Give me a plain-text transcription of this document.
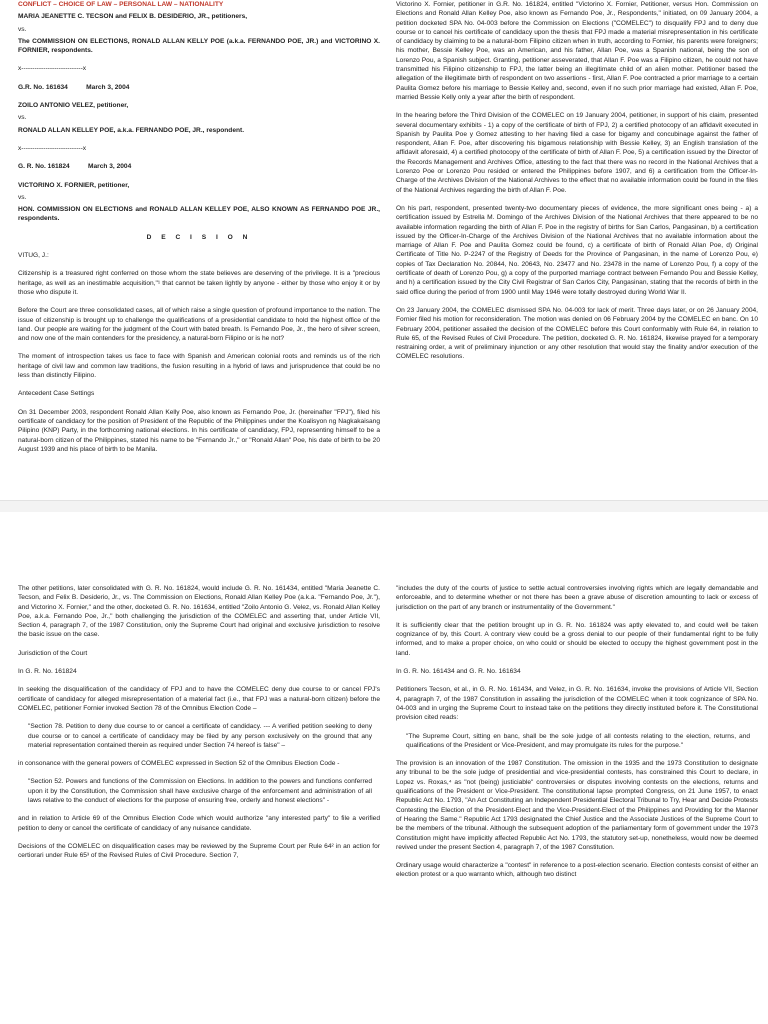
CONFLICT – CHOICE OF LAW – PERSONAL LAW – NATIONALITY

MARIA JEANETTE C. TECSON and FELIX B. DESIDERIO, JR., petitioners,

vs.

The COMMISSION ON ELECTIONS, RONALD ALLAN KELLY POE (a.k.a. FERNANDO POE, JR.) and VICTORINO X. FORNIER, respondents.

x----------------------------x

G.R. No. 161634          March 3, 2004

ZOILO ANTONIO VELEZ, petitioner,

vs.

RONALD ALLAN KELLEY POE, a.k.a. FERNANDO POE, JR., respondent.

x----------------------------x

G. R. No. 161824          March 3, 2004

VICTORINO X. FORNIER, petitioner,

vs.

HON. COMMISSION ON ELECTIONS and RONALD ALLAN KELLEY POE, ALSO KNOWN AS FERNANDO POE JR., respondents.

D E C I S I O N

VITUG, J.:

Citizenship is a treasured right conferred on those whom the state believes are deserving of the privilege. It is a "precious heritage, as well as an inestimable acquisition,"¹ that cannot be taken lightly by anyone - either by those who enjoy it or by those who dispute it.

Before the Court are three consolidated cases, all of which raise a single question of profound importance to the nation. The issue of citizenship is brought up to challenge the qualifications of a presidential candidate to hold the highest office of the land. Our people are waiting for the judgment of the Court with bated breath. Is Fernando Poe, Jr., the hero of silver screen, and now one of the main contenders for the presidency, a natural-born Filipino or is he not?

The moment of introspection takes us face to face with Spanish and American colonial roots and reminds us of the rich heritage of civil law and common law traditions, the fusion resulting in a hybrid of laws and jurisprudence that could be no less than distinctly Filipino.

Antecedent Case Settings

On 31 December 2003, respondent Ronald Allan Kelly Poe, also known as Fernando Poe, Jr. (hereinafter "FPJ"), filed his certificate of candidacy for the position of President of the Republic of the Philippines under the Koalisyon ng Nagkakaisang Pilipino (KNP) Party, in the forthcoming national elections. In his certificate of candidacy, FPJ, representing himself to be a natural-born citizen of the Philippines, stated his name to be "Fernando Jr.," or "Ronald Allan" Poe, his date of birth to be 20 August 1939 and his place of birth to be Manila.

Victorino X. Fornier, petitioner in G.R. No. 161824, entitled "Victorino X. Fornier, Petitioner, versus Hon. Commission on Elections and Ronald Allan Kelley Poe, also known as Fernando Poe, Jr., Respondents," initiated, on 09 January 2004, a petition docketed SPA No. 04-003 before the Commission on Elections ("COMELEC") to disqualify FPJ and to deny due course or to cancel his certificate of candidacy upon the thesis that FPJ made a material misrepresentation in his certificate of candidacy by claiming to be a natural-born Filipino citizen when in truth, according to Fornier, his parents were foreigners; his mother, Bessie Kelley Poe, was an American, and his father, Allan Poe, was a Spanish national, being the son of Lorenzo Pou, a Spanish subject. Granting, petitioner asseverated, that Allan F. Poe was a Filipino citizen, he could not have transmitted his Filipino citizenship to FPJ, the latter being an illegitimate child of an alien mother. Petitioner based the allegation of the illegitimate birth of respondent on two assertions - first, Allan F. Poe contracted a prior marriage to a certain Paulita Gomez before his marriage to Bessie Kelley and, second, even if no such prior marriage had existed, Allan F. Poe, married Bessie Kelly only a year after the birth of respondent.

In the hearing before the Third Division of the COMELEC on 19 January 2004, petitioner, in support of his claim, presented several documentary exhibits - 1) a copy of the certificate of birth of FPJ, 2) a certified photocopy of an affidavit executed in Spanish by Paulita Poe y Gomez attesting to her having filed a case for bigamy and concubinage against the father of respondent, Allan F. Poe, after discovering his bigamous relationship with Bessie Kelley, 3) an English translation of the affidavit aforesaid, 4) a certified photocopy of the certificate of birth of Allan F. Poe, 5) a certification issued by the Director of the Records Management and Archives Office, attesting to the fact that there was no record in the National Archives that a Lorenzo Poe or Lorenzo Pou resided or entered the Philippines before 1907, and 6) a certification from the Officer-In-Charge of the Archives Division of the National Archives to the effect that no available information could be found in the files of the National Archives regarding the birth of Allan F. Poe.

On his part, respondent, presented twenty-two documentary pieces of evidence, the more significant ones being - a) a certification issued by Estrella M. Domingo of the Archives Division of the National Archives that there appeared to be no available information regarding the birth of Allan F. Poe in the registry of births for San Carlos, Pangasinan, b) a certification issued by the Officer-In-Charge of the Archives Division of the National Archives that no available information about the marriage of Allan F. Poe and Paulita Gomez could be found, c) a certificate of birth of Ronald Allan Poe, d) Original Certificate of Title No. P-2247 of the Registry of Deeds for the Province of Pangasinan, in the name of Lorenzo Pou, e) copies of Tax Declaration No. 20844, No. 20643, No. 23477 and No. 23478 in the name of Lorenzo Pou, f) a copy of the certificate of death of Lorenzo Pou, g) a copy of the purported marriage contract between Fernando Pou and Bessie Kelley, and h) a certification issued by the City Civil Registrar of San Carlos City, Pangasinan, stating that the records of birth in the said office during the period of from 1900 until May 1946 were totally destroyed during World War II.

On 23 January 2004, the COMELEC dismissed SPA No. 04-003 for lack of merit. Three days later, or on 26 January 2004, Fornier filed his motion for reconsideration. The motion was denied on 06 February 2004 by the COMELEC en banc. On 10 February 2004, petitioner assailed the decision of the COMELEC before this Court conformably with Rule 64, in relation to Rule 65, of the Revised Rules of Civil Procedure. The petition, docketed G. R. No. 161824, likewise prayed for a temporary restraining order, a writ of preliminary injunction or any other resolution that would stay the finality and/or execution of the COMELEC resolutions.

The other petitions, later consolidated with G. R. No. 161824, would include G. R. No. 161434, entitled "Maria Jeanette C. Tecson, and Felix B. Desiderio, Jr., vs. The Commission on Elections, Ronald Allan Kelley Poe (a.k.a. "Fernando Poe, Jr."), and Victorino X. Fornier," and the other, docketed G. R. No. 161634, entitled "Zoilo Antonio G. Velez, vs. Ronald Allan Kelley Poe, a.k.a. Fernando Poe, Jr.," both challenging the jurisdiction of the COMELEC and asserting that, under Article VII, Section 4, paragraph 7, of the 1987 Constitution, only the Supreme Court had original and exclusive jurisdiction to resolve the basic issue on the case.

Jurisdiction of the Court

In G. R. No. 161824

In seeking the disqualification of the candidacy of FPJ and to have the COMELEC deny due course to or cancel FPJ's certificate of candidacy for alleged misrepresentation of a material fact (i.e., that FPJ was a natural-born citizen) before the COMELEC, petitioner Fornier invoked Section 78 of the Omnibus Election Code –

"Section 78. Petition to deny due course to or cancel a certificate of candidacy. --- A verified petition seeking to deny due course or to cancel a certificate of candidacy may be filed by any person exclusively on the ground that any material representation contained therein as required under Section 74 hereof is false" –

in consonance with the general powers of COMELEC expressed in Section 52 of the Omnibus Election Code -

"Section 52. Powers and functions of the Commission on Elections. In addition to the powers and functions conferred upon it by the Constitution, the Commission shall have exclusive charge of the enforcement and administration of all laws relative to the conduct of elections for the purpose of ensuring free, orderly and honest elections" -

and in relation to Article 69 of the Omnibus Election Code which would authorize "any interested party" to file a verified petition to deny or cancel the certificate of candidacy of any nuisance candidate.

Decisions of the COMELEC on disqualification cases may be reviewed by the Supreme Court per Rule 64² in an action for certiorari under Rule 65³ of the Revised Rules of Civil Procedure. Section 7,

"includes the duty of the courts of justice to settle actual controversies involving rights which are legally demandable and enforceable, and to determine whether or not there has been a grave abuse of discretion amounting to lack or excess of jurisdiction on the part of any branch or instrumentality of the Government."

It is sufficiently clear that the petition brought up in G. R. No. 161824 was aptly elevated to, and could well be taken cognizance of by, this Court. A contrary view could be a gross denial to our people of their fundamental right to be fully informed, and to make a proper choice, on who could or should be elected to occupy the highest government post in the land.

In G. R. No. 161434 and G. R. No. 161634

Petitioners Tecson, et al., in G. R. No. 161434, and Velez, in G. R. No. 161634, invoke the provisions of Article VII, Section 4, paragraph 7, of the 1987 Constitution in assailing the jurisdiction of the COMELEC when it took cognizance of SPA No. 04-003 and in urging the Supreme Court to instead take on the petitions they directly instituted before it. The Constitutional provision cited reads:

"The Supreme Court, sitting en banc, shall be the sole judge of all contests relating to the election, returns, and qualifications of the President or Vice-President, and may promulgate its rules for the purpose."

The provision is an innovation of the 1987 Constitution. The omission in the 1935 and the 1973 Constitution to designate any tribunal to be the sole judge of presidential and vice-presidential contests, has constrained this Court to declare, in Lopez vs. Roxas,⁴ as "not (being) justiciable" controversies or disputes involving contests on the elections, returns and qualifications of the President or Vice-President. The constitutional lapse prompted Congress, on 21 June 1957, to enact Republic Act No. 1793, "An Act Constituting an Independent Presidential Electoral Tribunal to Try, Hear and Decide Protests Contesting the Election of the President-Elect and the Vice-President-Elect of the Philippines and Providing for the Manner of Hearing the Same." Republic Act 1793 designated the Chief Justice and the Associate Justices of the Supreme Court to be the members of the tribunal. Although the subsequent adoption of the parliamentary form of government under the 1973 Constitution might have implicitly affected Republic Act No. 1793, the statutory set-up, nonetheless, would now be deemed revived under the present Section 4, paragraph 7, of the 1987 Constitution.

Ordinary usage would characterize a "contest" in reference to a post-election scenario. Election contests consist of either an election protest or a quo warranto which, although two distinct
